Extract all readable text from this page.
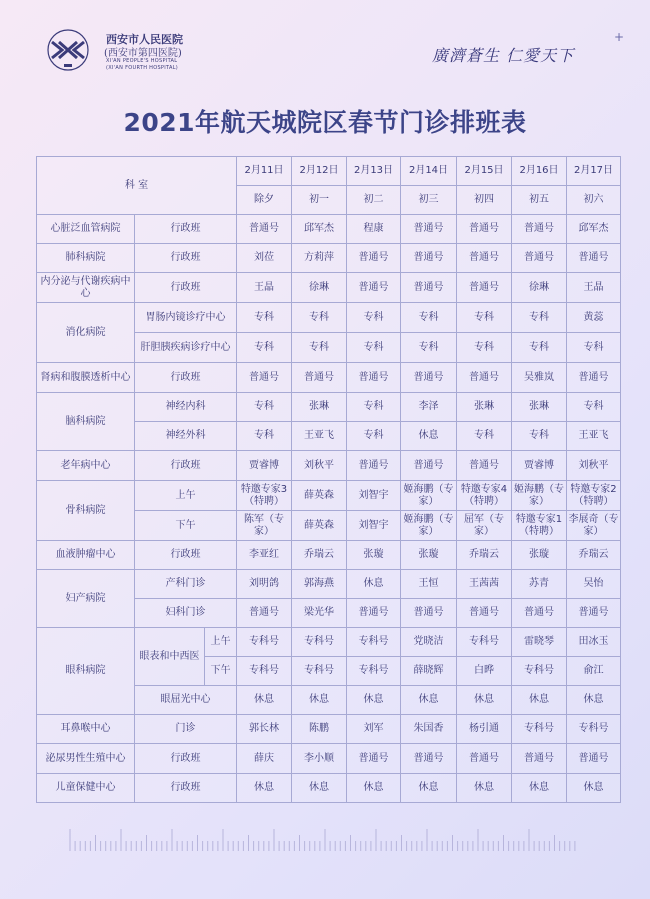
西安市人民医院
(西安市第四医院)
XI'AN PEOPLE'S HOSPITAL
(XI'AN FOURTH HOSPITAL)
廣濟蒼生 仁愛天下
+
2021年航天城院区春节门诊排班表
科 室			2月11日	2月12日	2月13日	2月14日	2月15日	2月16日	2月17日
			除夕	初一	初二	初三	初四	初五	初六
心脏泛血管病院	行政班		普通号	邱军杰	程康	普通号	普通号	普通号	邱军杰
肺科病院	行政班		刘莅	方莉萍	普通号	普通号	普通号	普通号	普通号
内分泌与代谢疾病中心	行政班		王晶	徐琳	普通号	普通号	普通号	徐琳	王晶
消化病院	胃肠内镜诊疗中心		专科	专科	专科	专科	专科	专科	黄蕊
	肝胆胰疾病诊疗中心		专科	专科	专科	专科	专科	专科	专科
肾病和腹膜透析中心	行政班		普通号	普通号	普通号	普通号	普通号	吴雅岚	普通号
脑科病院	神经内科		专科	张琳	专科	李泽	张琳	张琳	专科
	神经外科		专科	王亚飞	专科	休息	专科	专科	王亚飞
老年病中心	行政班		贾睿博	刘秋平	普通号	普通号	普通号	贾睿博	刘秋平
骨科病院	上午		特邀专家3（特聘）	薛英森	刘智宇	姬海鹏（专家）	特邀专家4（特聘）	姬海鹏（专家）	特邀专家2（特聘）
	下午		陈军（专家）	薛英森	刘智宇	姬海鹏（专家）	屈军（专家）	特邀专家1（特聘）	李展奇（专家）
血液肿瘤中心	行政班		李亚红	乔瑞云	张璇	张璇	乔瑞云	张璇	乔瑞云
妇产病院	产科门诊		刘明鸽	郭海燕	休息	王恒	王茜茜	苏青	吴怡
	妇科门诊		普通号	梁光华	普通号	普通号	普通号	普通号	普通号
眼科病院	眼表和中西医	上午	专科号	专科号	专科号	党晓洁	专科号	雷晓琴	田冰玉
		下午	专科号	专科号	专科号	薛晓辉	白晔	专科号	俞江
	眼屈光中心		休息	休息	休息	休息	休息	休息	休息
耳鼻喉中心	门诊		郭长林	陈鹏	刘军	朱国香	杨引通	专科号	专科号
泌尿男性生殖中心	行政班		薛庆	李小顺	普通号	普通号	普通号	普通号	普通号
儿童保健中心	行政班		休息	休息	休息	休息	休息	休息	休息
